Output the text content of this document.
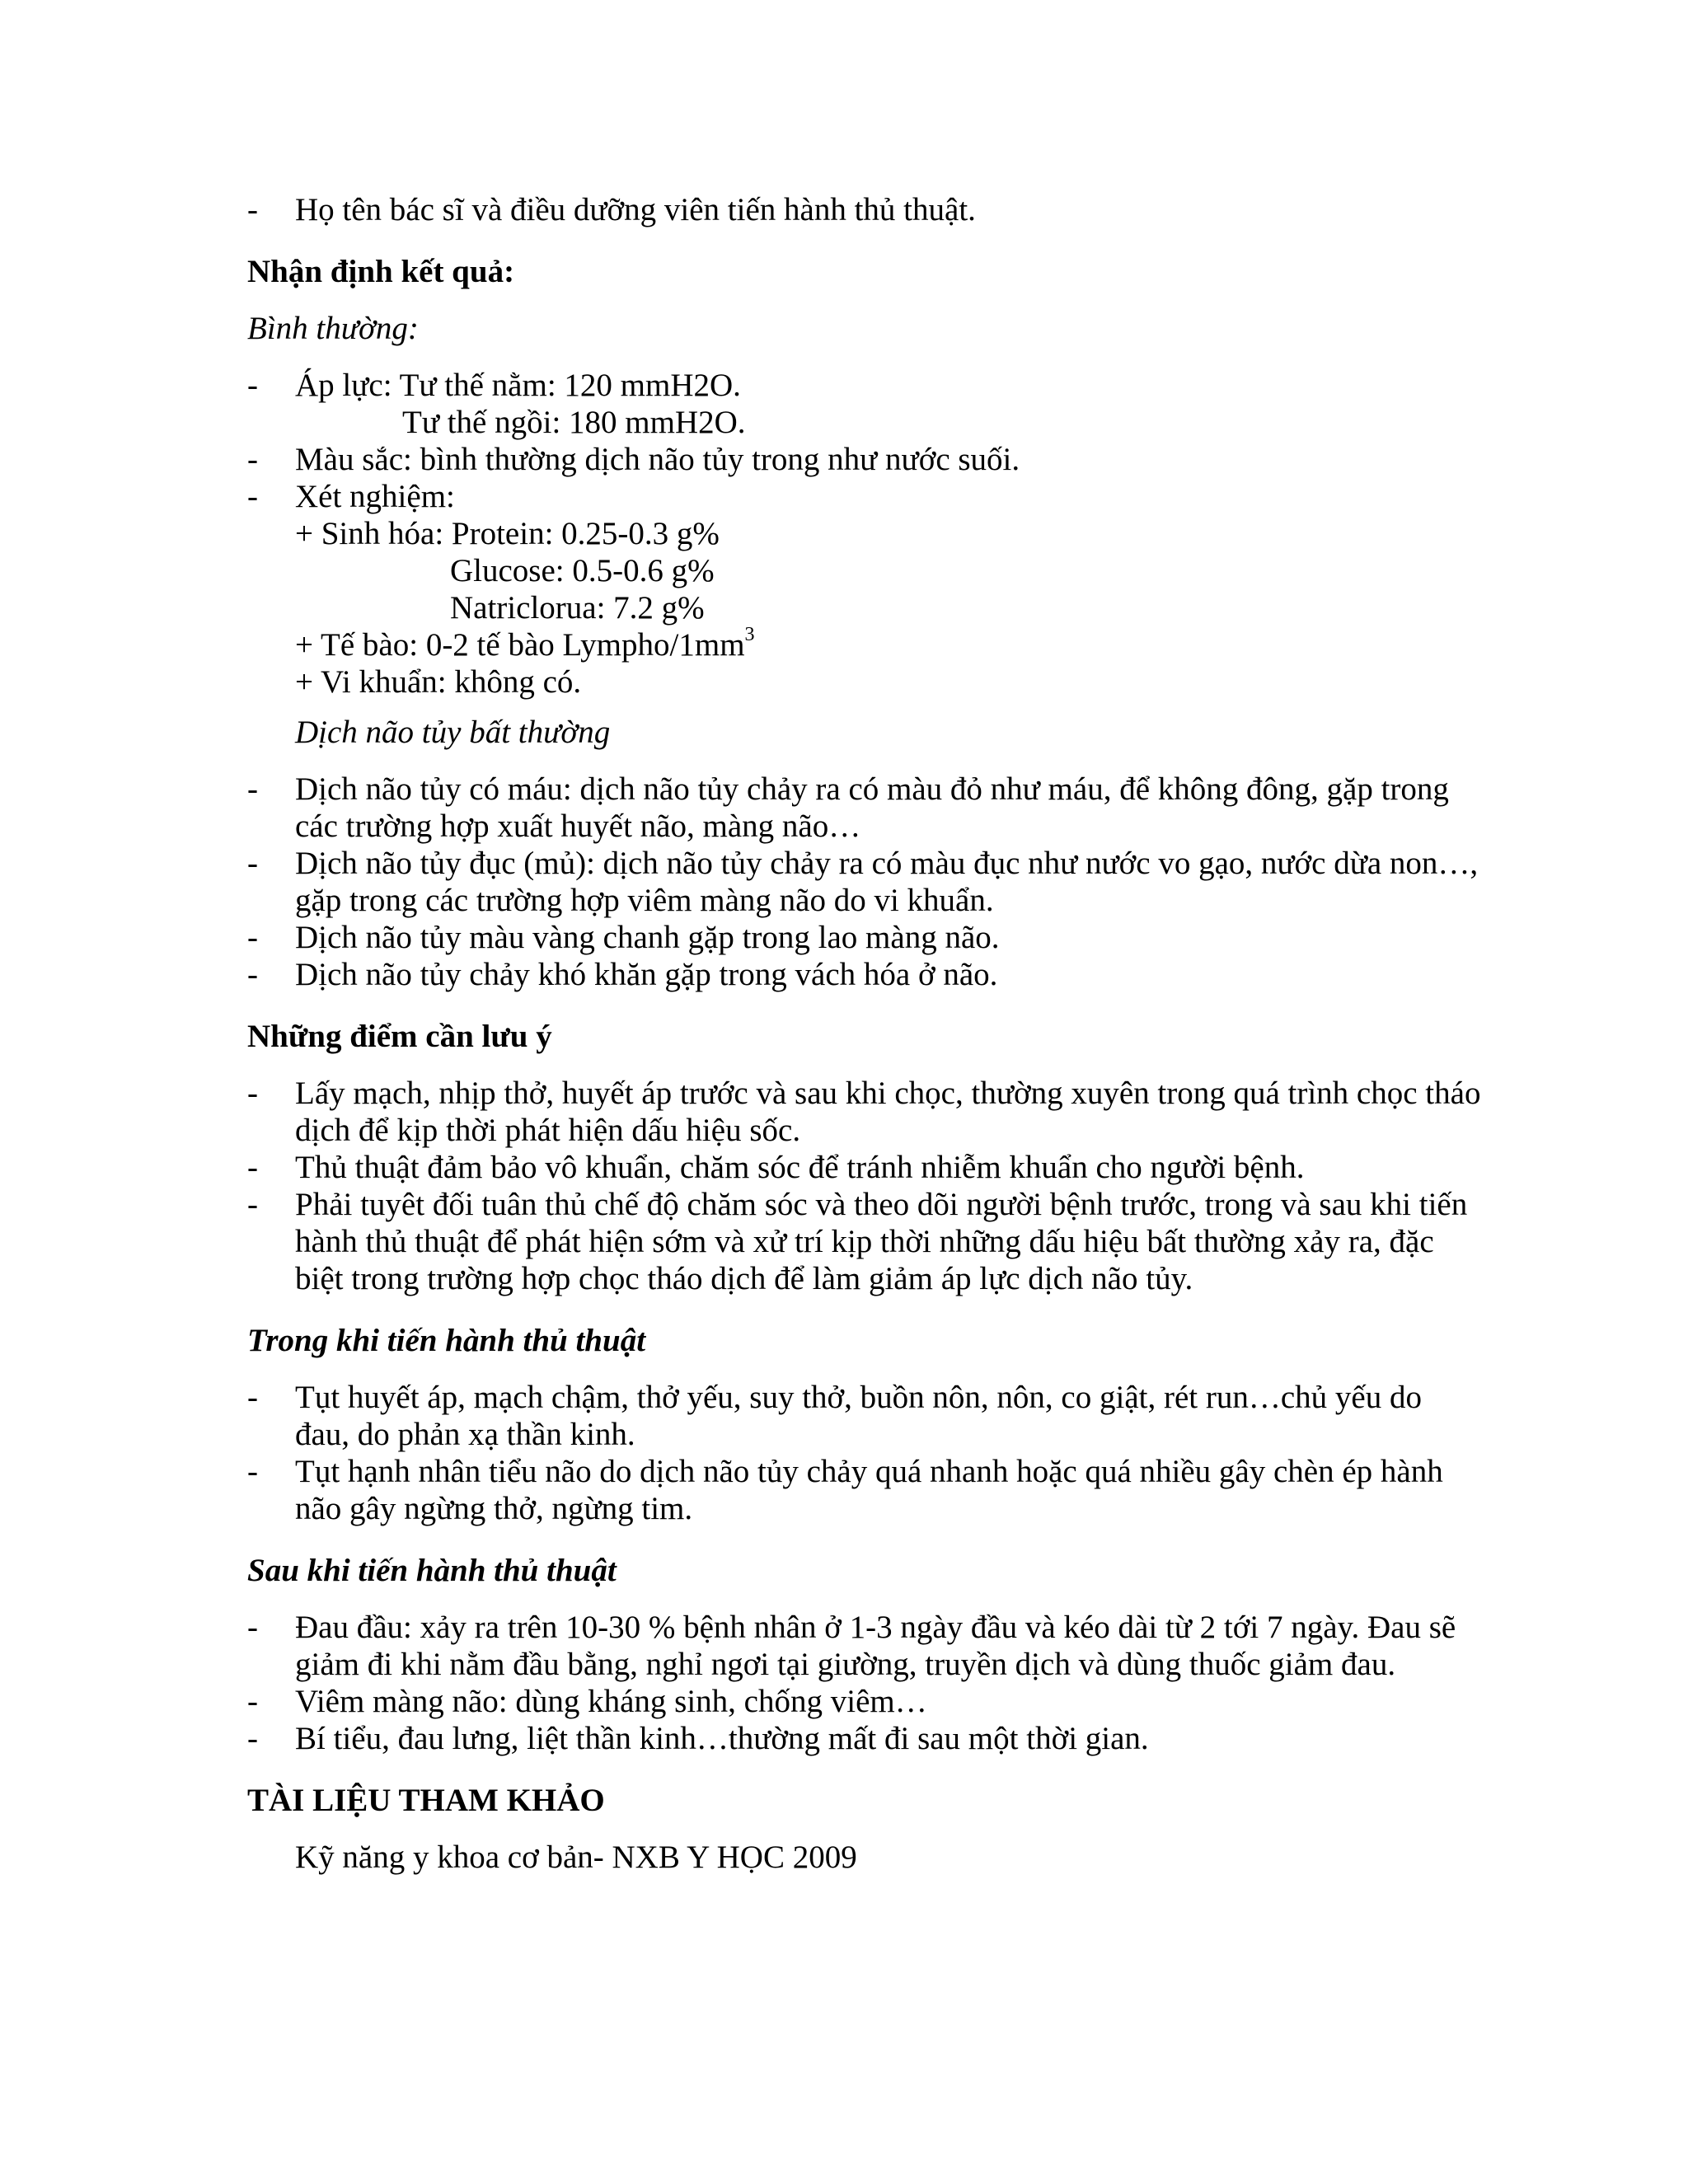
-	Họ tên bác sĩ và điều dưỡng viên tiến hành thủ thuật.
Nhận định kết quả:
Bình thường:
-	Áp lực: Tư thế nằm: 120 mmH2O.
Tư thế ngồi: 180 mmH2O.
-	Màu sắc: bình thường dịch não tủy trong như nước suối.
-	Xét nghiệm:
+ Sinh hóa: Protein: 0.25-0.3 g%
Glucose: 0.5-0.6 g%
Natriclorua: 7.2 g%
+ Tế bào: 0-2 tế bào Lympho/$1mm^3$
+ Vi khuẩn: không có.
Dịch não tủy bất thường
-	Dịch não tủy có máu: dịch não tủy chảy ra có màu đỏ như máu, để không đông, gặp trong các trường hợp xuất huyết não, màng não…
-	Dịch não tủy đục (mủ): dịch não tủy chảy ra có màu đục như nước vo gạo, nước dừa non…, gặp trong các trường hợp viêm màng não do vi khuẩn.
-	Dịch não tủy màu vàng chanh gặp trong lao màng não.
-	Dịch não tủy chảy khó khăn gặp trong vách hóa ở não.
Những điểm cần lưu ý
-	Lấy mạch, nhịp thở, huyết áp trước và sau khi chọc, thường xuyên trong quá trình chọc tháo dịch để kịp thời phát hiện dấu hiệu sốc.
-	Thủ thuật đảm bảo vô khuẩn, chăm sóc để tránh nhiễm khuẩn cho người bệnh.
-	Phải tuyêt đối tuân thủ chế độ chăm sóc và theo dõi người bệnh trước, trong và sau khi tiến hành thủ thuật để phát hiện sớm và xử trí kịp thời những dấu hiệu bất thường xảy ra, đặc biệt trong trường hợp chọc tháo dịch để làm giảm áp lực dịch não tủy.
Trong khi tiến hành thủ thuật
-	Tụt huyết áp, mạch chậm, thở yếu, suy thở, buồn nôn, nôn, co giật, rét run…chủ yếu do đau, do phản xạ thần kinh.
-	Tụt hạnh nhân tiểu não do dịch não tủy chảy quá nhanh hoặc quá nhiều gây chèn ép hành não gây ngừng thở, ngừng tim.
Sau khi tiến hành thủ thuật
-	Đau đầu: xảy ra trên 10-30 % bệnh nhân ở 1-3 ngày đầu và kéo dài từ 2 tới 7 ngày. Đau sẽ giảm đi khi nằm đầu bằng, nghỉ ngơi tại giường, truyền dịch và dùng thuốc giảm đau.
-	Viêm màng não: dùng kháng sinh, chống viêm…
-	Bí tiểu, đau lưng, liệt thần kinh…thường mất đi sau một thời gian.
TÀI LIỆU THAM KHẢO
Kỹ năng y khoa cơ bản- NXB Y HỌC 2009
